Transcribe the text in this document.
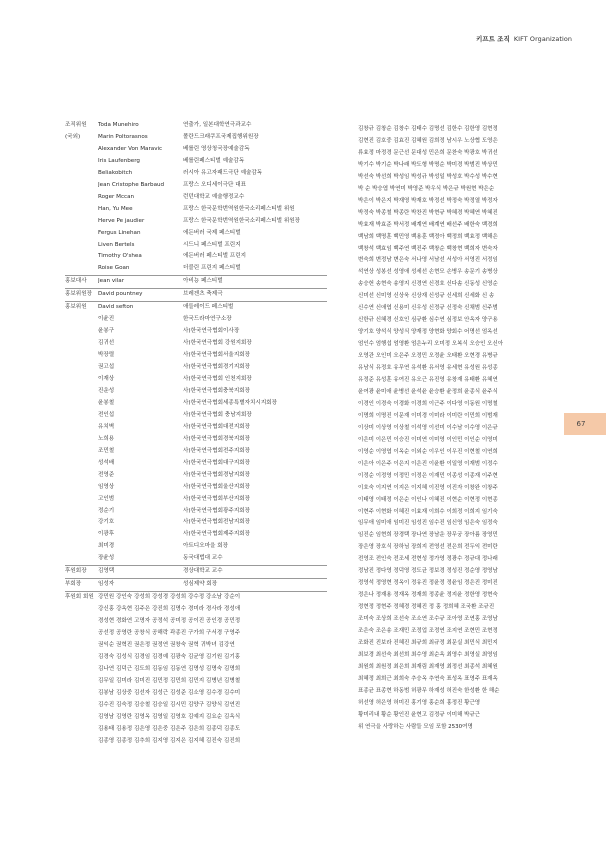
키프트 조직 KIFT Organization
조직위원	Toda Munehiro	연출가, 일본대학연극과교수
(국외)	Marin Poltorasnos	폴란드크래쿠프국제집행위원장
Alexander Von Maravic	베를린 영상청국장예술감독
Iris Laufenberg	베를린페스티벌 예술감독
Beliakobitch	러시아 유고자패드극단 예술감독
Jean Cristophe Barbaud	프랑스 오디세이극단 대표
Roger Mccan	런던대학교 예술행정교수
Han, Yu Mee	프랑스 한국문학번역원한국소리페스티벌 위원
Herve Pe jaudier	프랑스 한국문학번역원한국소리페스티벌 위원장
Fergus Linehan	에든버러 국제 페스티벌
Liven Bertels	시드니 페스티벌 프린지
Timothy O'shea	에든버러 페스티벌 프린지
Roise Goan	더블린 프린지 페스티벌
홍보대사	Jean vilar	아비뇽 페스티벌
홍보위원장	David pountney	브레겐츠 축제극
홍보위원	David sefton	애들레이드 페스티벌
이윤진	한국드라마연구소장
윤봉구	사)한국연극협회이사장
김귀선	사)한국연극협회 강원지회장
박장렬	사)한국연극협회서울지회장
권고섭	사)한국연극협회경기지회장
이재상	사)한국연극협회 인천지회장
진운성	사)한국연극협회충북지회장
윤봉철	사)한국연극협회세종특별자치시지회장
전인섭	사)한국연극협회 충남지회장
유치벽	사)한국연극협회대전지회장
노희용	사)한국연극협회경북지회장
조민철	사)한국연극협회전주지회장
성석배	사)한국연극협회대구지회장
전영준	사)한국연극협회경남지회장
임영상	사)한국연극협회울산지회장
고인범	사)한국연극협회부산지회장
정순기	사)한국연극협회광주지회장
강기호	사)한국연극협회전남지회장
이광후	사)한국연극협회제주지회장
최미경	아트디오마을 회장
장윤성	동국대법대 교수
후원회장	김영택	경상대학교 교수
부회장	임성자	성심제약 회장
후원회 회원 강민원 강인숙 강성희 강성경 강성희 강수정 강소남 강순이
강신홍 강옥현 김주은 강진희 김명수 경미라 경사라 경성애
경성현 경화연 고명자 공정석 공미정 공이진 공인경 공민정
공선정 공영란 공창식 공해락 곽종진 구가희 구서경 구영주
권익순 권혁진 권은정 권정연 권창숙 권혁 귀박녀 김강연
김경숙 김성식 김경임 김경예 김광숙 김균영 김기원 김기홍
김나연 김덕근 김도희 김동임 김동연 김명성 김명숙 김명희
김무일 김미라 김미진 김민정 김민희 김민지 김병년 김병철
김봉남 김상중 김선자 김성근 김성준 김소영 김수경 김수미
김수진 김숙정 김승철 김승일 김시민 김양구 김양식 김연진
김영남 김영란 김영옥 김영일 김영호 김예지 김요순 김옥식
김용태 김용정 김은영 김은중 김은주 김은희 김종덕 김종도
김종영 김종정 김추희 김지영 김지은 김지혜 김진숙 김진희
김창규 김창순 김창수 김태수 김명선 김한수 김한영 김현정
김현진 김호중 김효진 김혜원 김희정 남시우 노상협 도영은
류효정 마정경 문근선 문대성 민은희 문찬숙 박광호 박귀선
박기수 박기순 박나래 박도형 박명순 박미경 박범진 박상민
박선숙 박선희 박성임 박성규 박성일 박성호 박수성 박수현
박 순 박승엽 박연미 박영준 박우식 박은규 박원현 박은순
박은이 박은지 박재영 박재호 박정선 박정숙 박정열 박정자
박정숙 박종철 박종란 박찬진 박현규 박혜경 박혜연 박혜진
박효재 박효준 박서정 배계연 배계연 배선주 배한숙 백경희
백남희 백명훈 백민영 백용훈 백정아 백정희 백효정 백해은
백창석 백효임 백주연 백진주 백창순 백창현 백희자 변숙자
변숙희 변정남 변은숙 서나영 서남선 서성아 서영진 서정임
석연상 성봉선 성영애 성세선 손현모 손병우 송문기 송병상
송승헌 송현숙 송영지 신경연 신경호 신다솜 신동성 신영순
신미선 신미영 신상욱 신상재 신성규 신세희 신세화 신 송
신수연 신애엽 신용미 신우성 신정규 신정숙 신채범 신주범
신한규 신혜경 신호인 심규환 심수연 심정보 안옥자 양구용
양기호 양석식 양성식 양재정 양현화 양회수 어명선 엄옥선
엄인수 엄행섭 엄영환 엄은누리 오미정 오복식 오승인 오신아
오영관 오인미 오은주 오정민 오정윤 오태환 오현경 유병규
유남식 유정호 유무연 유석환 유서영 유세현 유성원 유성종
유정준 유성훈 유여진 유오근 유진영 유창재 유태환 유혜연
윤여광 윤미애 윤병선 윤석윤 윤승환 윤정희 윤종식 윤주식
이경인 이경숙 이경화 이경희 이근주 이다영 이동원 이명철
이명희 이명진 이문재 이미경 이미라 이미란 이민희 이범재
이상미 이상영 이상철 이석영 이선미 이수남 이수영 이은규
이은미 이은민 이승진 이미연 이미영 이인민 이인순 이영미
이영순 이영엽 이옥순 이외순 이우인 이우진 이현철 이연희
이은아 이은주 이은지 이은진 이윤환 이일영 이재범 이정수
이정순 이정영 이정민 이정은 이재민 이종성 이종재 이주현
이호숙 이지연 이지은 이지혜 이진영 이진자 이창완 이창주
이태영 이태정 이은순 이인나 이혜진 이현순 이현정 이현종
이현주 이현화 이혜진 이효재 이희수 이희정 이희지 임기숙
임무애 임미애 임미진 임성진 임수진 임신영 임은숙 임정숙
임진순 임현희 장경택 장나연 장남운 장무궁 장아름 장영민
장은영 장호식 장하님 장희지 전영선 전은희 전두익 전미란
전영조 전인숙 전조세 전현성 정가영 정광수 정규대 정나래
정남진 정다영 정덕영 정도균 정보경 정성진 정순영 정영남
정영석 정영현 정옥이 정유진 정윤정 정윤임 정은진 정미진
정은나 정재용 정재옥 정재희 정종윤 정지윤 정한영 정현숙
정현정 정현주 정혜경 정혜진 정 홍 정희혜 조국환 조규진
조미숙 조상희 조선숙 조소연 조수규 조아영 조연홍 조영남
조은숙 조은송 조재민 조정업 조정연 조지연 조현민 조현정
조화진 진보라 진혜진 최규희 최규정 최문실 최민식 최민지
최보경 최선숙 최선희 최수영 최순옥 최영수 최영실 최영임
최원희 최원정 최은희 최재림 최재영 최정선 최종석 최혜원
최혜정 최희근 최희숙 추승옥 추연숙 표성옥 표영주 표재옥
표종균 표종현 하동범 허광무 하재성 허진숙 한성환 한 해순
허선영 허은영 허미진 홍기영 홍순희 홍정진 황근영
황미리내 황순 황인진 윤현고 김정규 이미해 박규근
위 연극을 사랑하는 사람들 모임 포함 2530여명
67
